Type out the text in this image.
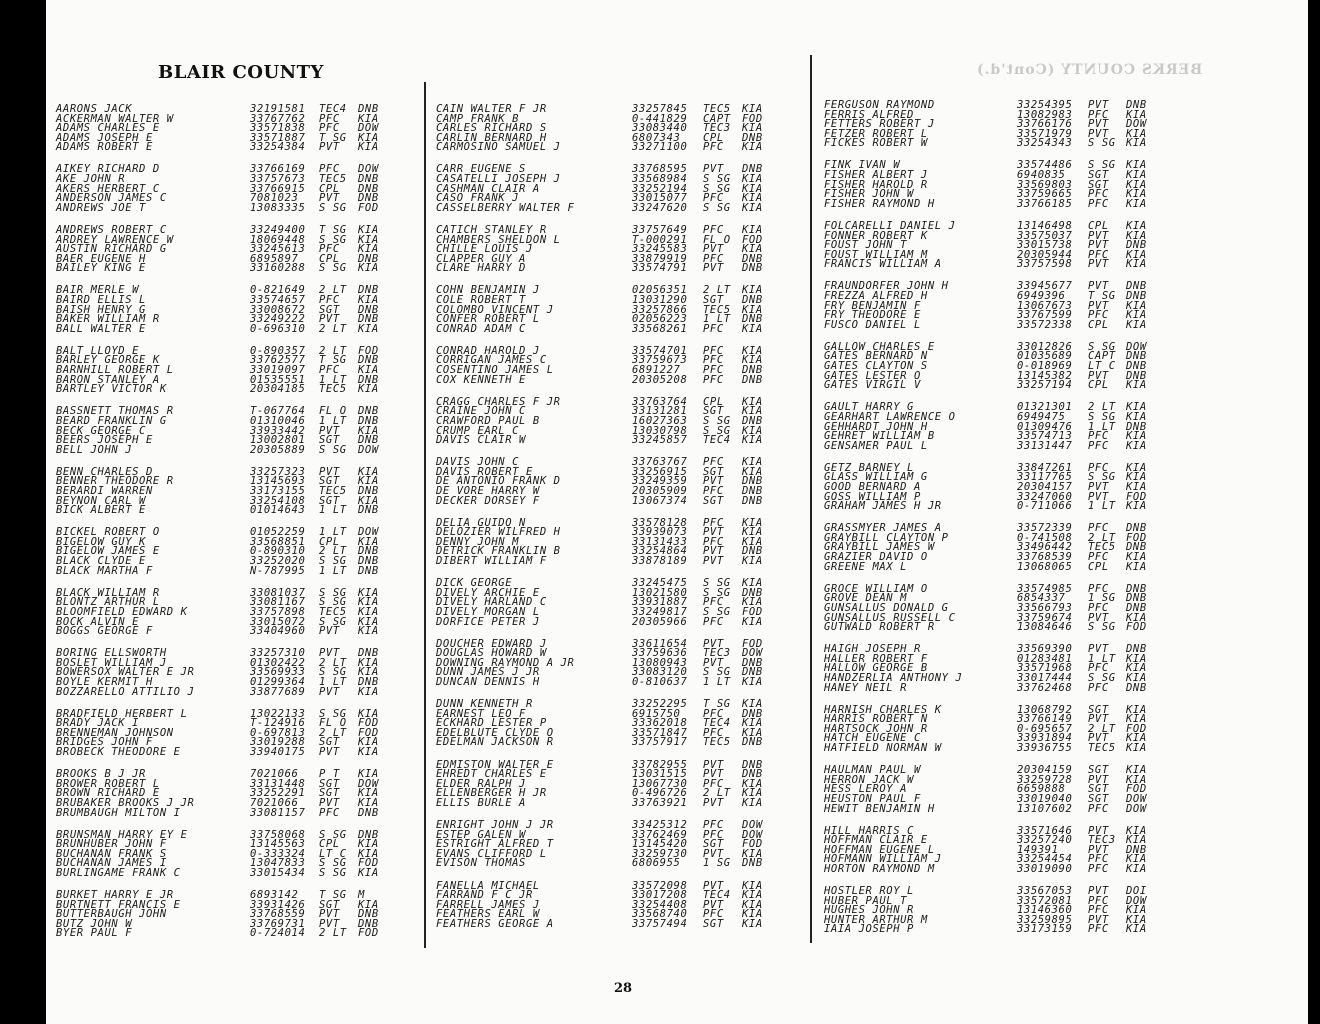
BERKS COUNTY (Cont'd.)
BLAIR COUNTY
AARONS JACK	32191581 TEC4 DNB
ACKERMAN WALTER W	33767762 PFC KIA
ADAMS CHARLES E	33571838 PFC DOW
ADAMS JOSEPH E	33571887 T SG KIA
ADAMS ROBERT E	33254384 PVT KIA
AIKEY RICHARD D	33766169 PFC DOW
AKE JOHN R	33757673 TEC5 DNB
AKERS HERBERT C	33766915 CPL DNB
ANDERSON JAMES C	7081023 PVT DNB
ANDREWS JOE T	13083335 S SG FOD
ANDREWS ROBERT C	33249400 T SG KIA
ARDREY LAWRENCE W	18069448 S SG KIA
AUSTIN RICHARD G	33245613 PFC KIA
BAER EUGENE H	6895897 CPL DNB
BAILEY KING E	33160288 S SG KIA
BAIR MERLE W	0-821649 2 LT DNB
BAIRD ELLIS L	33574657 PFC KIA
BAISH HENRY G	33008672 SGT DNB
BAKER WILLIAM R	33249222 PVT DNB
BALL WALTER E	0-696310 2 LT KIA
BALT LLOYD E	0-890357 2 LT FOD
BARLEY GEORGE K	33762577 T SG DNB
BARNHILL ROBERT L	33019097 PFC KIA
BARON STANLEY A	01535551 1 LT DNB
BARTLEY VICTOR K	20304185 TEC5 KIA
BASSNETT THOMAS R	T-067764 FL O DNB
BEARD FRANKLIN G	01310046 1 LT DNB
BECK GEORGE C	33933442 PVT KIA
BEERS JOSEPH E	13002801 SGT DNB
BELL JOHN J	20305889 S SG DOW
BENN CHARLES D	33257323 PVT KIA
BENNER THEODORE R	13145693 SGT KIA
BERARDI WARREN	33173155 TEC5 DNB
BEYNON CARL W	33254108 SGT KIA
BICK ALBERT E	01014643 1 LT DNB
BICKEL ROBERT O	01052259 1 LT DOW
BIGELOW GUY K	33568851 CPL KIA
BIGELOW JAMES E	0-890310 2 LT DNB
BLACK CLYDE E	33252020 S SG DNB
BLACK MARTHA F	N-787995 1 LT DNB
BLACK WILLIAM R	33081037 S SG KIA
BLONTZ ARTHUR L	33081167 S SG KIA
BLOOMFIELD EDWARD K	33757898 TEC5 KIA
BOCK ALVIN E	33015072 S SG KIA
BOGGS GEORGE F	33404960 PVT KIA
BORING ELLSWORTH	33257310 PVT DNB
BOSLET WILLIAM J	01302422 2 LT KIA
BOWERSOX WALTER E JR	33569933 S SG KIA
BOYLE KERMIT H	01299364 1 LT DNB
BOZZARELLO ATTILIO J	33877689 PVT KIA
BRADFIELD HERBERT L	13022133 S SG KIA
BRADY JACK I	T-124916 FL O FOD
BRENNEMAN JOHNSON	0-697813 2 LT FOD
BRIDGES JOHN F	33019288 SGT KIA
BROBECK THEODORE E	33940175 PVT KIA
BROOKS B J JR	7021066 P T KIA
BROWER ROBERT L	33131448 SGT DOW
BROWN RICHARD E	33252291 SGT KIA
BRUBAKER BROOKS J JR	7021066 PVT KIA
BRUMBAUGH MILTON I	33081157 PFC DNB
BRUNSMAN HARRY EY E	33758068 S SG DNB
BRUNHUBER JOHN F	13145563 CPL KIA
BUCHANAN FRANK S	0-333324 LT C KIA
BUCHANAN JAMES I	13047833 S SG FOD
BURLINGAME FRANK C	33015434 S SG KIA
BURKET HARRY E JR	6893142 T SG M
BURTNETT FRANCIS E	33931426 SGT KIA
BUTTERBAUGH JOHN	33768559 PVT DNB
BUTZ JOHN W	33769731 PVT DNB
BYER PAUL F	0-724014 2 LT FOD
CAIN WALTER F JR	33257845 TEC5 KIA
CAMP FRANK B	0-441829 CAPT FOD
CARLES RICHARD S	33083440 TEC3 KIA
CARLIN BERNARD H	6807343 CPL DNB
CARMOSINO SAMUEL J	33271100 PFC KIA
CARR EUGENE S	33768595 PVT DNB
CASATELLI JOSEPH J	33568984 S SG KIA
CASHMAN CLAIR A	33252194 S SG KIA
CASO FRANK J	33015077 PFC KIA
CASSELBERRY WALTER F	33247620 S SG KIA
CATICH STANLEY R	33757649 PFC KIA
CHAMBERS SHELDON L	T-000291 FL O FOD
CHILLE LOUIS J	33245583 PVT KIA
CLAPPER GUY A	33879919 PFC DNB
CLARE HARRY D	33574791 PVT DNB
COHN BENJAMIN J	02056351 2 LT KIA
COLE ROBERT T	13031290 SGT DNB
COLOMBO VINCENT J	33257866 TEC5 KIA
CONFER ROBERT L	02056223 1 LT DNB
CONRAD ADAM C	33568261 PFC KIA
CONRAD HAROLD J	33574701 PFC KIA
CORRIGAN JAMES C	33759673 PFC KIA
COSENTINO JAMES L	6891227 PFC DNB
COX KENNETH E	20305208 PFC DNB
CRAGG CHARLES F JR	33763764 CPL KIA
CRAINE JOHN C	33131281 SGT KIA
CRAWFORD PAUL B	16027363 S SG DNB
CRUMP EARL C	13030798 S SG KIA
DAVIS CLAIR W	33245857 TEC4 KIA
DAVIS JOHN C	33763767 PFC KIA
DAVIS ROBERT E	33256915 SGT KIA
DE ANTONIO FRANK D	33249359 PVT DNB
DE VORE HARRY W	20305909 PFC DNB
DECKER DORSEY F	13067374 SGT DNB
DELIA GUIDO N	33578128 PFC KIA
DELOZIER WILFRED H	33939073 PVT KIA
DENNY JOHN M	33131433 PFC KIA
DETRICK FRANKLIN B	33254864 PVT DNB
DIBERT WILLIAM F	33878189 PVT KIA
DICK GEORGE	33245475 S SG KIA
DIVELY ARCHIE E	13021580 S SG DNB
DIVELY HARLAND C	33931887 PFC KIA
DIVELY MORGAN L	33249817 S SG FOD
DORFICE PETER J	20305966 PFC KIA
DOUCHER EDWARD J	33611654 PVT FOD
DOUGLAS HOWARD W	33759636 TEC3 DOW
DOWNING RAYMOND A JR	13080943 PVT DNB
DUNN JAMES J JR	33083120 S SG DNB
DUNCAN DENNIS H	0-810637 1 LT KIA
DUNN KENNETH R	33252295 T SG KIA
EARNEST LEO F	6915750 PFC DNB
ECKHARD LESTER P	33362018 TEC4 KIA
EDELBLUTE CLYDE O	33571847 PFC KIA
EDELMAN JACKSON R	33757917 TEC5 DNB
EDMISTON WALTER E	33782955 PVT DNB
EHREDT CHARLES E	13031515 PVT DNB
ELDER RALPH J	13067730 PFC KIA
ELLENBERGER H JR	0-496726 2 LT KIA
ELLIS BURLE A	33763921 PVT KIA
ENRIGHT JOHN J JR	33425312 PFC DOW
ESTEP GALEN W	33762469 PFC DOW
ESTRIGHT ALFRED T	13145420 SGT FOD
EVANS CLIFFORD L	33259730 PVT KIA
EVISON THOMAS	6806955 1 SG DNB
FANELLA MICHAEL	33572098 PVT KIA
FARRAND F C JR	33017208 TEC4 KIA
FARRELL JAMES J	33254408 PVT KIA
FEATHERS EARL W	33568740 PFC KIA
FEATHERS GEORGE A	33757494 SGT KIA
FERGUSON RAYMOND	33254395 PVT DNB
FERRIS ALFRED	13082983 PFC KIA
FETTERS ROBERT J	33766176 PVT DOW
FETZER ROBERT L	33571979 PVT KIA
FICKES ROBERT W	33254343 S SG KIA
FINK IVAN W	33574486 S SG KIA
FISHER ALBERT J	6940835 SGT KIA
FISHER HAROLD R	33569803 SGT KIA
FISHER JOHN W	33759665 PFC KIA
FISHER RAYMOND H	33766185 PFC KIA
FOLCARELLI DANIEL J	13146498 CPL KIA
FONNER ROBERT K	33575037 PVT KIA
FOUST JOHN T	33015738 PVT DNB
FOUST WILLIAM M	20305944 PFC KIA
FRANCIS WILLIAM A	33757598 PVT KIA
FRAUNDORFER JOHN H	33945677 PVT DNB
FREZZA ALFRED H	6949396 T SG DNB
FRY BENJAMIN F	13067673 PVT KIA
FRY THEODORE E	33767599 PFC KIA
FUSCO DANIEL L	33572338 CPL KIA
GALLOW CHARLES E	33012826 S SG DOW
GATES BERNARD N	01035689 CAPT DNB
GATES CLAYTON S	0-018969 LT C DNB
GATES LESTER O	13145382 PVT DNB
GATES VIRGIL V	33257194 CPL KIA
GAULT HARRY G	01321301 2 LT KIA
GEARHART LAWRENCE O	6949475 S SG KIA
GEHHARDT JOHN H	01309476 1 LT DNB
GEHRET WILLIAM B	33574713 PFC KIA
GENSAMER PAUL L	33131447 PFC KIA
GETZ BARNEY L	33847261 PFC KIA
GLASS WILLIAM G	33117765 S SG KIA
GOOD BERNARD A	20304157 PVT KIA
GOSS WILLIAM P	33247060 PVT FOD
GRAHAM JAMES H JR	0-711066 1 LT KIA
GRASSMYER JAMES A	33572339 PFC DNB
GRAYBILL CLAYTON P	0-741508 2 LT FOD
GRAYBILL JAMES W	33496442 TEC5 DNB
GRAZIER DAVID O	33768539 PFC KIA
GREENE MAX L	13068065 CPL KIA
GROCE WILLIAM O	33574985 PFC DNB
GROVE DEAN M	6854337 1 SG DNB
GUNSALLUS DONALD G	33566793 PFC DNB
GUNSALLUS RUSSELL C	33759674 PVT KIA
GUTWALD ROBERT R	13084646 S SG FOD
HAIGH JOSEPH R	33569390 PVT DNB
HALLER ROBERT F	01283481 1 LT KIA
HALLOW GEORGE B	33571968 PFC KIA
HANDZERLIA ANTHONY J	33017444 S SG KIA
HANEY NEIL R	33762468 PFC DNB
HARNISH CHARLES K	13068792 SGT KIA
HARRIS ROBERT N	33766149 PVT KIA
HARTSOCK JOHN R	0-695657 2 LT FOD
HATCH EUGENE C	33931894 PVT KIA
HATFIELD NORMAN W	33936755 TEC5 KIA
HAULMAN PAUL W	20304159 SGT KIA
HERRON JACK W	33259728 PVT KIA
HESS LEROY A	6659888 SGT FOD
HEUSTON PAUL F	33019040 SGT DOW
HEWIT BENJAMIN H	13107602 PFC DOW
HILL HARRIS C	33571646 PVT KIA
HOFFMAN CLAIR E	33257240 TEC3 KIA
HOFFMAN EUGENE L	149391	PVT DNB
HOFMANN WILLIAM J	33254454 PFC KIA
HORTON RAYMOND M	33019090 PFC KIA
HOSTLER ROY L	33567053 PVT DOI
HUBER PAUL T	33572081 PFC DOW
HUGHES JOHN R	13146360 PFC KIA
HUNTER ARTHUR M	33259895 PVT KIA
IAIA JOSEPH P	33173159 PFC KIA
28
